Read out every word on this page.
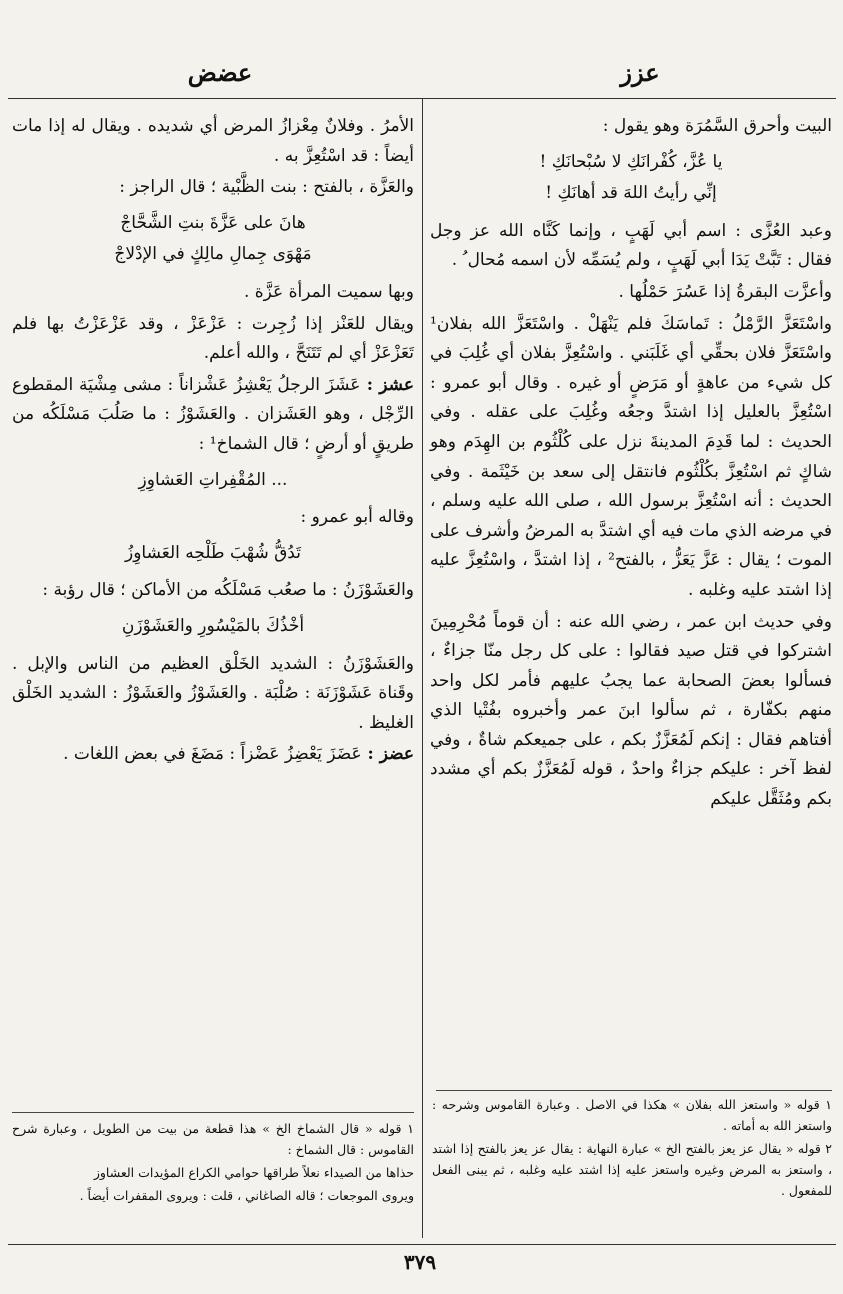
عزز
عضض

البيت وأحرق السَّمُرَة وهو يقول :

يا عُزَّ، كُفْرانَكِ لا سُبْحانَكِ !
إنِّي رأيتُ اللهَ قد أهانَكِ !

وعبد العُزَّى : اسم أبي لَهَبٍ ، وإنما كَنَّاه الله عز وجل فقال : تَبَّتْ يَدَا أبي لَهَبٍ ، ولم يُسَمِّه لأن اسمه مُحال ُ .

وأعزَّت البقرةُ إذا عَسُرَ حَمْلُها .

واسْتَعَزَّ الرَّمْلُ : تَماسَكَ فلم يَنْهَلْ . واسْتَعَزَّ الله بفلان¹ واسْتَعَزَّ فلان بحقِّي أي غَلَبَني . واسْتُعِزَّ بفلان أي غُلِبَ في كل شيء من عاهةٍ أو مَرَضٍ أو غيره . وقال أبو عمرو : اسْتُعِزَّ بالعليل إذا اشتدَّ وجعُه وغُلِبَ على عقله . وفي الحديث : لما قَدِمَ المدينةَ نزل على كُلْثُوم بن الهِدَم وهو شاكٍ ثم اسْتُعِزَّ بكُلْثُوم فانتقل إلى سعد بن خَيْثَمة . وفي الحديث : أنه اسْتُعِزَّ برسول الله ، صلى الله عليه وسلم ، في مرضه الذي مات فيه أي اشتدَّ به المرضُ وأشرف على الموت ؛ يقال : عَزَّ يَعَزُّ ، بالفتح² ، إذا اشتدَّ ، واسْتُعِزَّ عليه إذا اشتد عليه وغلبه .

وفي حديث ابن عمر ، رضي الله عنه : أن قوماً مُحْرِمِينَ اشتركوا في قتل صيد فقالوا : على كل رجل منّا جزاءٌ ، فسألوا بعضَ الصحابة عما يجبُ عليهم فأمر لكل واحد منهم بكفّارة ، ثم سألوا ابنَ عمر وأخبروه بفُتْيا الذي أفتاهم فقال : إنكم لَمُعَزَّزٌ بكم ، على جميعكم شاةٌ ، وفي لفظ آخر : عليكم جزاءٌ واحدٌ ، قوله لَمُعَزَّزٌ بكم أي مشدد بكم ومُثَقَّل عليكم

الأمرُ . وفلانٌ مِعْزازُ المرض أي شديده . ويقال له إذا مات أيضاً : قد اسْتُعِزَّ به .

والعَزَّة ، بالفتح : بنت الظَّبْية ؛ قال الراجز :

هانَ على عَزَّةَ بنتِ الشَّحَّاجْ
مَهْوَى جِمالِ مالِكٍ في الإدْلاجْ

وبها سميت المرأة عَزَّة .

ويقال للعَنْز إذا زُجِرت : عَزْعَزْ ، وقد عَزْعَزْتُ بها فلم تَعَزْعَزْ أي لم تَتَنَحَّ ، والله أعلم.

عشز : عَشَزَ الرجلُ يَعْشِزُ عَشْزاناً : مشى مِشْيَة المقطوع الرِّجْل ، وهو العَشَزان . والعَشَوْزُ : ما صَلُبَ مَسْلَكُه من طريقٍ أو أرضٍ ؛ قال الشماخ¹ :

... المُقْفِراتِ العَشاوِزِ

وقاله أبو عمرو :

تَدُقُّ شُهْبَ طَلْحِه العَشاوِزُ

والعَشَوْزَنُ : ما صعُب مَسْلَكُه من الأماكن ؛ قال رؤبة :

أخْذُكَ بالمَيْسُورِ والعَشَوْزَنِ

والعَشَوْزَنُ : الشديد الخَلْق العظيم من الناس والإبل . وقَناة عَشَوْزَنَة : صُلْبَة . والعَشَوْزُ والعَشَوْزُ : الشديد الخَلْق الغليظ .

عضز : عَضَزَ يَعْضِزُ عَضْزاً : مَضَغَ في بعض اللغات .

١ قوله « واستعز الله بفلان » هكذا في الاصل . وعبارة القاموس وشرحه : واستعز الله به أماته .

٢ قوله « يقال عز يعز بالفتح الخ » عبارة النهاية : يقال عز يعز بالفتح إذا اشتد ، واستعز به المرض وغيره واستعز عليه إذا اشتد عليه وغلبه ، ثم يبنى الفعل للمفعول .

١ قوله « قال الشماخ الخ » هذا قطعة من بيت من الطويل ، وعبارة شرح القاموس : قال الشماخ :

حذاها من الصيداء نعلاً طراقها حوامي الكراع المؤيدات العشاوز

ويروى الموجعات ؛ قاله الصاغاني ، قلت : ويروى المقفرات أيضاً .

٣٧٩
